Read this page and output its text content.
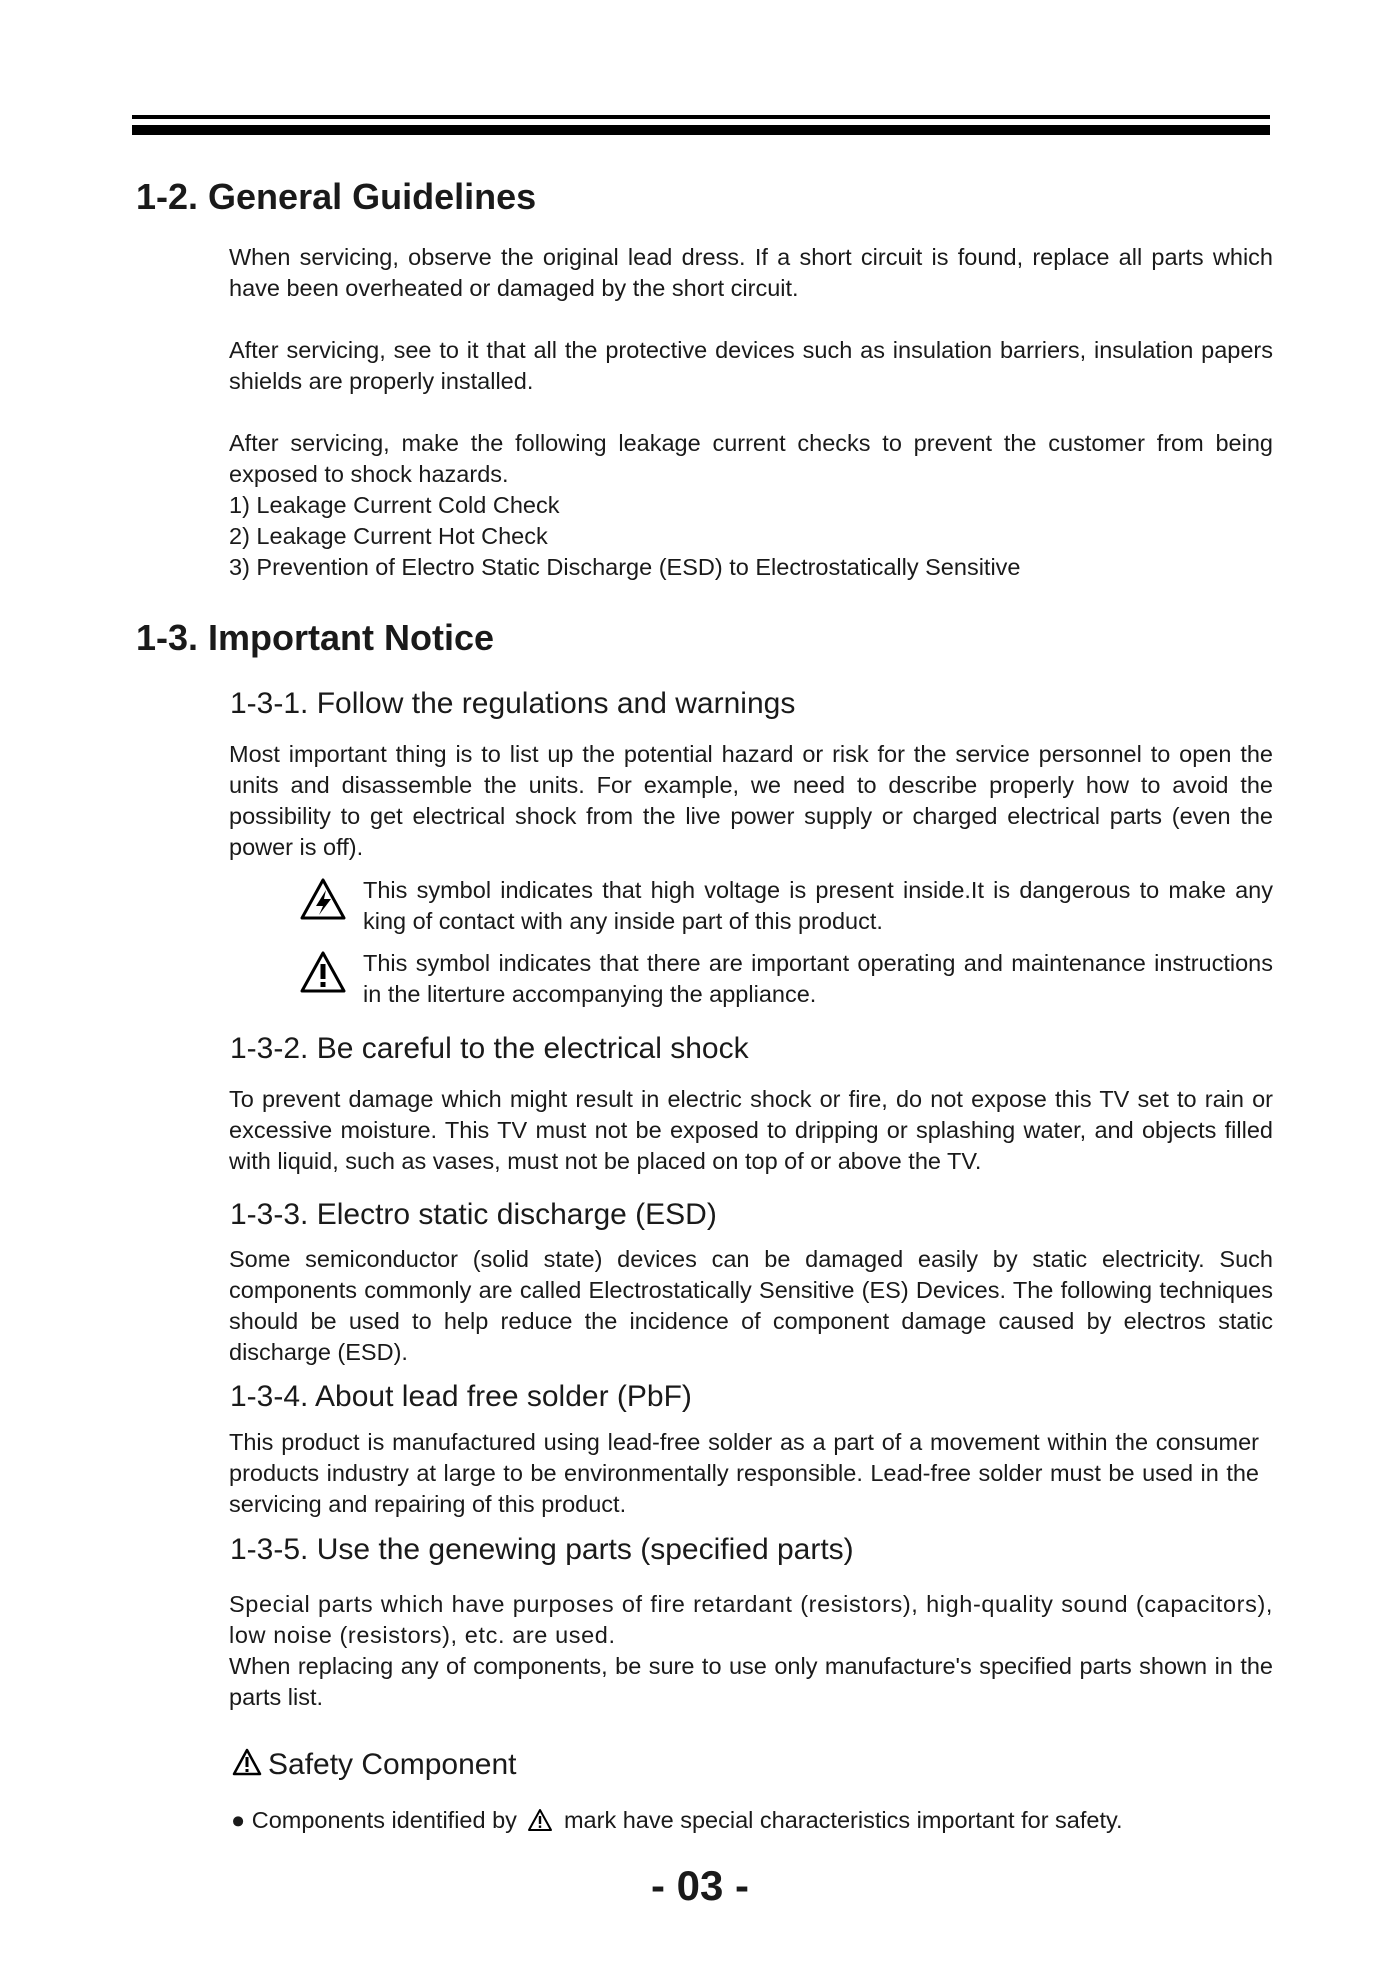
1-2. General Guidelines

When servicing, observe the original lead dress. If a short circuit is found, replace all parts which have been overheated or damaged by the short circuit.

After servicing, see to it that all the protective devices such as insulation barriers, insulation papers shields are properly installed.

After servicing, make the following leakage current checks to prevent the customer from being exposed to shock hazards.

1) Leakage Current Cold Check
2) Leakage Current Hot Check
3) Prevention of Electro Static Discharge (ESD) to Electrostatically Sensitive
1-3. Important Notice
1-3-1. Follow the regulations and warnings

Most important thing is to list up the potential hazard or risk for the service personnel to open the units and disassemble the units. For example, we need to describe properly how to avoid the possibility to get electrical shock from the live power supply or charged electrical parts (even the power is off).

This symbol indicates that high voltage is present inside.It is dangerous to make any king of contact with any inside part of this product.

This symbol indicates that there are important operating and maintenance instructions in the literture accompanying the appliance.

1-3-2. Be careful to the electrical shock

To prevent damage which might result in electric shock or fire, do not expose this TV set to rain or excessive moisture. This TV must not be exposed to dripping or splashing water, and objects filled with liquid, such as vases, must not be placed on top of or above the TV.

1-3-3. Electro static discharge (ESD)

Some semiconductor (solid state) devices can be damaged easily by static electricity. Such components commonly are called Electrostatically Sensitive (ES) Devices. The following techniques should be used to help reduce the incidence of component damage caused by electros static discharge (ESD).

1-3-4. About lead free solder (PbF)

This product is manufactured using lead-free solder as a part of a movement within the consumer products industry at large to be environmentally responsible. Lead-free solder must be used in the servicing and repairing of this product.

1-3-5. Use the genewing parts (specified parts)

Special parts which have purposes of fire retardant (resistors), high-quality sound (capacitors), low noise (resistors), etc. are used.

When replacing any of components, be sure to use only manufacture's specified parts shown in the parts list.

Safety Component
● Components identified by mark have special characteristics important for safety.
- 03 -
